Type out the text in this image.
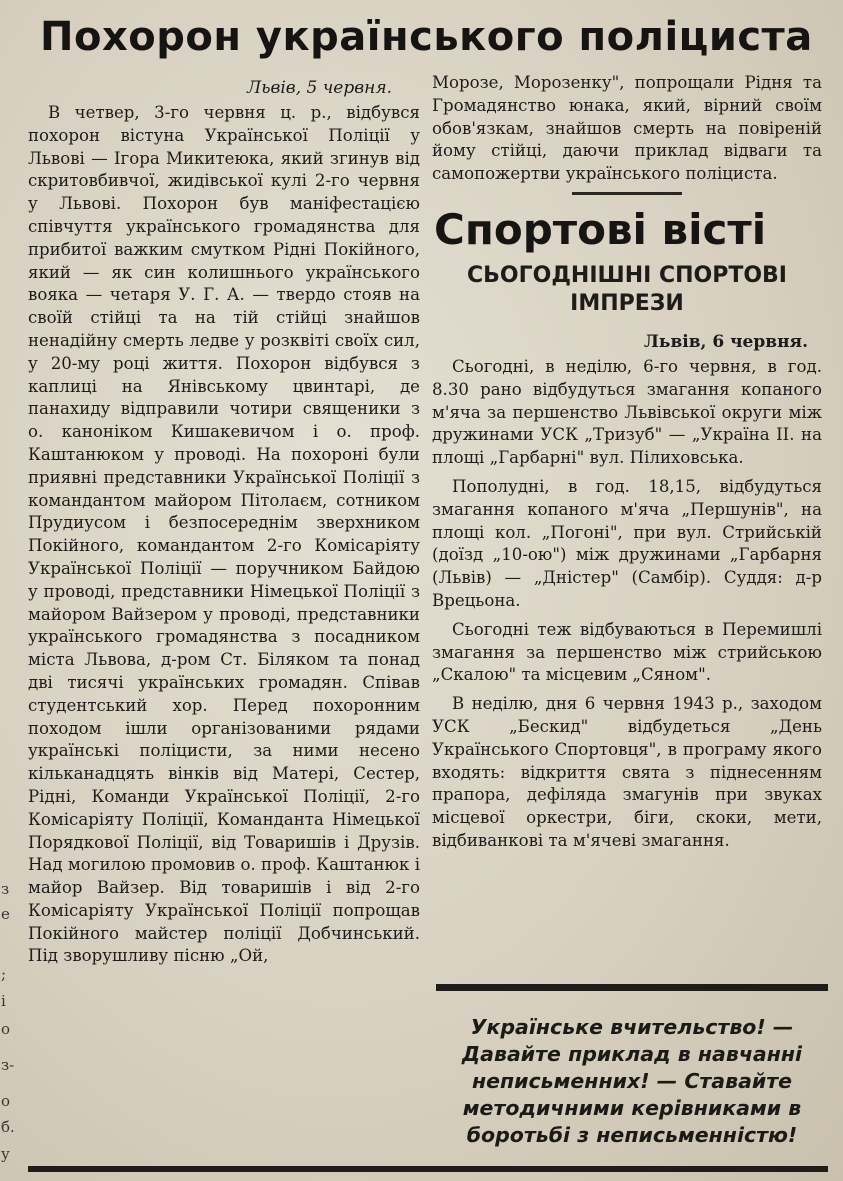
Похорон українського поліциста
Львів, 5 червня.

В четвер, 3-го червня ц. р., відбувся похорон вістуна Української Поліції у Львові — Ігора Микитеюка, який згинув від скритовбивчої, жидівської кулі 2-го червня у Львові. Похорон був маніфестацією співчуття українського громадянства для прибитої важким смутком Рідні Покійного, який — як син колишнього українського вояка — четаря У. Г. А. — твердо стояв на своїй стійці та на тій стійці знайшов ненадійну смерть ледве у розквіті своїх сил, у 20-му році життя. Похорон відбувся з каплиці на Янівському цвинтарі, де панахиду відправили чотири священики з о. каноніком Кишакевичом і о. проф. Каштанюком у проводі. На похороні були приявні представники Української Поліції з командантом майором Пітолаєм, сотником Прудиусом і безпосереднім зверхником Покійного, командантом 2-го Комісаріяту Української Поліції — поручником Байдою у проводі, представники Німецької Поліції з майором Вайзером у проводі, представники українського громадянства з посадником міста Львова, д-ром Ст. Біляком та понад дві тисячі українських громадян. Співав студентський хор. Перед похоронним походом ішли організованими рядами українські поліцисти, за ними несено кільканадцять вінків від Матері, Сестер, Рідні, Команди Української Поліції, 2-го Комісаріяту Поліції, Команданта Німецької Порядкової Поліції, від Товаришів і Друзів. Над могилою промовив о. проф. Каштанюк і майор Вайзер. Від товаришів і від 2-го Комісаріяту Української Поліції попрощав Покійного майстер поліції Добчинський. Під зворушливу пісню „Ой,

Морозе, Морозенку", попрощали Рідня та Громадянство юнака, який, вірний своїм обов'язкам, знайшов смерть на повіреній йому стійці, даючи приклад відваги та самопожертви українського поліциста.

Спортові вісті
СЬОГОДНІШНІ СПОРТОВІ ІМПРЕЗИ
Львів, 6 червня.

Сьогодні, в неділю, 6-го червня, в год. 8.30 рано відбудуться змагання копаного м'яча за першенство Львівської округи між дружинами УСК „Тризуб" — „Україна II. на площі „Гарбарні" вул. Пілиховська.

Пополудні, в год. 18,15, відбудуться змагання копаного м'яча „Першунів", на площі кол. „Погоні", при вул. Стрийській (доїзд „10-ою") між дружинами „Гарбарня (Львів) — „Дністер" (Самбір). Суддя: д-р Врецьона.

Сьогодні теж відбуваються в Перемишлі змагання за першенство між стрийською „Скалою" та місцевим „Сяном".

В неділю, дня 6 червня 1943 р., заходом УСК „Бескид" відбудеться „День Українського Спортовця", в програму якого входять: відкриття свята з піднесенням прапора, дефіляда змагунів при звуках місцевої оркестри, біги, скоки, мети, відбиванкові та м'ячеві змагання.

Українське вчительство! — Давайте приклад в навчанні неписьменних! — Ставайте методичними керівниками в боротьбі з неписьменністю!
з
е
;
і
о
з-
о
б.
у
